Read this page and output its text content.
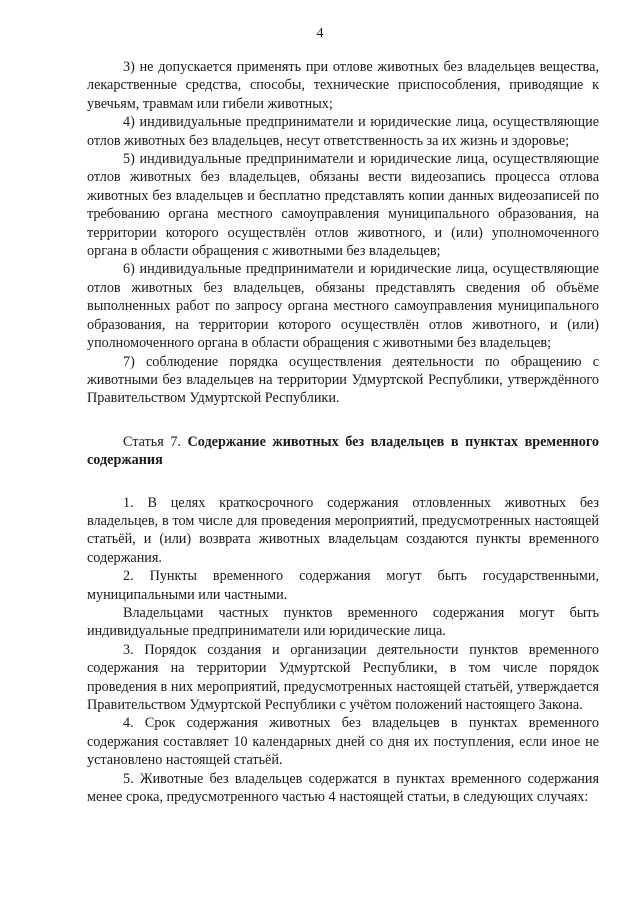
4

3) не допускается применять при отлове животных без владельцев вещества, лекарственные средства, способы, технические приспособления, приводящие к увечьям, травмам или гибели животных;

4) индивидуальные предприниматели и юридические лица, осуществляющие отлов животных без владельцев, несут ответственность за их жизнь и здоровье;

5) индивидуальные предприниматели и юридические лица, осуществляющие отлов животных без владельцев, обязаны вести видеозапись процесса отлова животных без владельцев и бесплатно представлять копии данных видеозаписей по требованию органа местного самоуправления муниципального образования, на территории которого осуществлён отлов животного, и (или) уполномоченного органа в области обращения с животными без владельцев;

6) индивидуальные предприниматели и юридические лица, осуществляющие отлов животных без владельцев, обязаны представлять сведения об объёме выполненных работ по запросу органа местного самоуправления муниципального образования, на территории которого осуществлён отлов животного, и (или) уполномоченного органа в области обращения с животными без владельцев;

7) соблюдение порядка осуществления деятельности по обращению с животными без владельцев на территории Удмуртской Республики, утверждённого Правительством Удмуртской Республики.

Статья 7. Содержание животных без владельцев в пунктах временного содержания

1. В целях краткосрочного содержания отловленных животных без владельцев, в том числе для проведения мероприятий, предусмотренных настоящей статьёй, и (или) возврата животных владельцам создаются пункты временного содержания.

2. Пункты временного содержания могут быть государственными, муниципальными или частными.

Владельцами частных пунктов временного содержания могут быть индивидуальные предприниматели или юридические лица.

3. Порядок создания и организации деятельности пунктов временного содержания на территории Удмуртской Республики, в том числе порядок проведения в них мероприятий, предусмотренных настоящей статьёй, утверждается Правительством Удмуртской Республики с учётом положений настоящего Закона.

4. Срок содержания животных без владельцев в пунктах временного содержания составляет 10 календарных дней со дня их поступления, если иное не установлено настоящей статьёй.

5. Животные без владельцев содержатся в пунктах временного содержания менее срока, предусмотренного частью 4 настоящей статьи, в следующих случаях:
